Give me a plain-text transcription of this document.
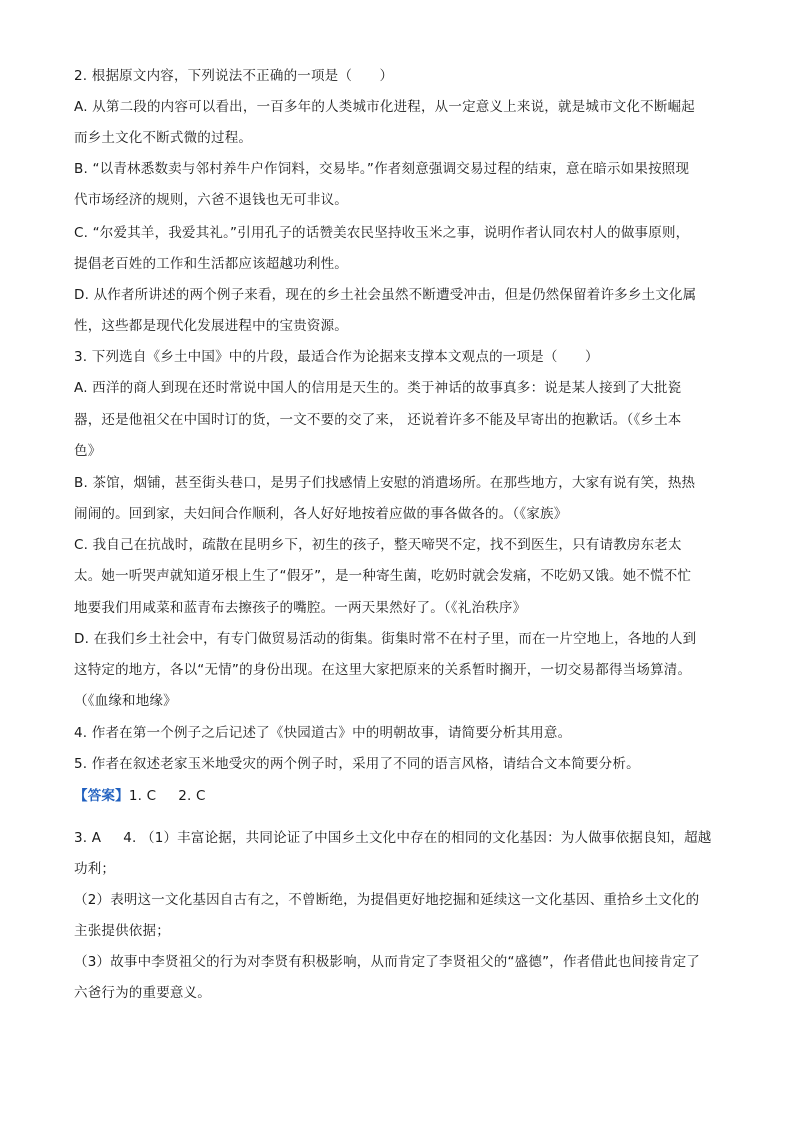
2. 根据原文内容，下列说法不正确的一项是（　　）
A. 从第二段的内容可以看出，一百多年的人类城市化进程，从一定意义上来说，就是城市文化不断崛起
而乡土文化不断式微的过程。
B. “以青林悉数卖与邻村养牛户作饲料，交易毕。”作者刻意强调交易过程的结束，意在暗示如果按照现
代市场经济的规则，六爸不退钱也无可非议。
C. “尔爱其羊，我爱其礼。”引用孔子的话赞美农民坚持收玉米之事，说明作者认同农村人的做事原则，
提倡老百姓的工作和生活都应该超越功利性。
D. 从作者所讲述的两个例子来看，现在的乡土社会虽然不断遭受冲击，但是仍然保留着许多乡土文化属
性，这些都是现代化发展进程中的宝贵资源。
3. 下列选自《乡土中国》中的片段，最适合作为论据来支撑本文观点的一项是（　　）
A. 西洋的商人到现在还时常说中国人的信用是天生的。类于神话的故事真多：说是某人接到了大批瓷
器，还是他祖父在中国时订的货，一文不要的交了来， 还说着许多不能及早寄出的抱歉话。（《乡土本
色》
B. 茶馆，烟铺，甚至街头巷口，是男子们找感情上安慰的消遣场所。在那些地方，大家有说有笑，热热
闹闹的。回到家，夫妇间合作顺利，各人好好地按着应做的事各做各的。（《家族》
C. 我自己在抗战时，疏散在昆明乡下，初生的孩子，整天啼哭不定，找不到医生，只有请教房东老太
太。她一听哭声就知道牙根上生了“假牙”，是一种寄生菌，吃奶时就会发痛，不吃奶又饿。她不慌不忙
地要我们用咸菜和蓝青布去擦孩子的嘴腔。一两天果然好了。（《礼治秩序》
D. 在我们乡土社会中，有专门做贸易活动的街集。街集时常不在村子里，而在一片空地上，各地的人到
这特定的地方，各以“无情”的身份出现。在这里大家把原来的关系暂时搁开，一切交易都得当场算清。
（《血缘和地缘》
4. 作者在第一个例子之后记述了《快园道古》中的明朝故事，请简要分析其用意。
5. 作者在叙述老家玉米地受灾的两个例子时，采用了不同的语言风格，请结合文本简要分析。
【答案】1. C 2. C
3. A 4. （1）丰富论据，共同论证了中国乡土文化中存在的相同的文化基因：为人做事依据良知，超越
功利；
（2）表明这一文化基因自古有之，不曾断绝，为提倡更好地挖掘和延续这一文化基因、重拾乡土文化的
主张提供依据；
（3）故事中李贤祖父的行为对李贤有积极影响，从而肯定了李贤祖父的“盛德”，作者借此也间接肯定了
六爸行为的重要意义。
